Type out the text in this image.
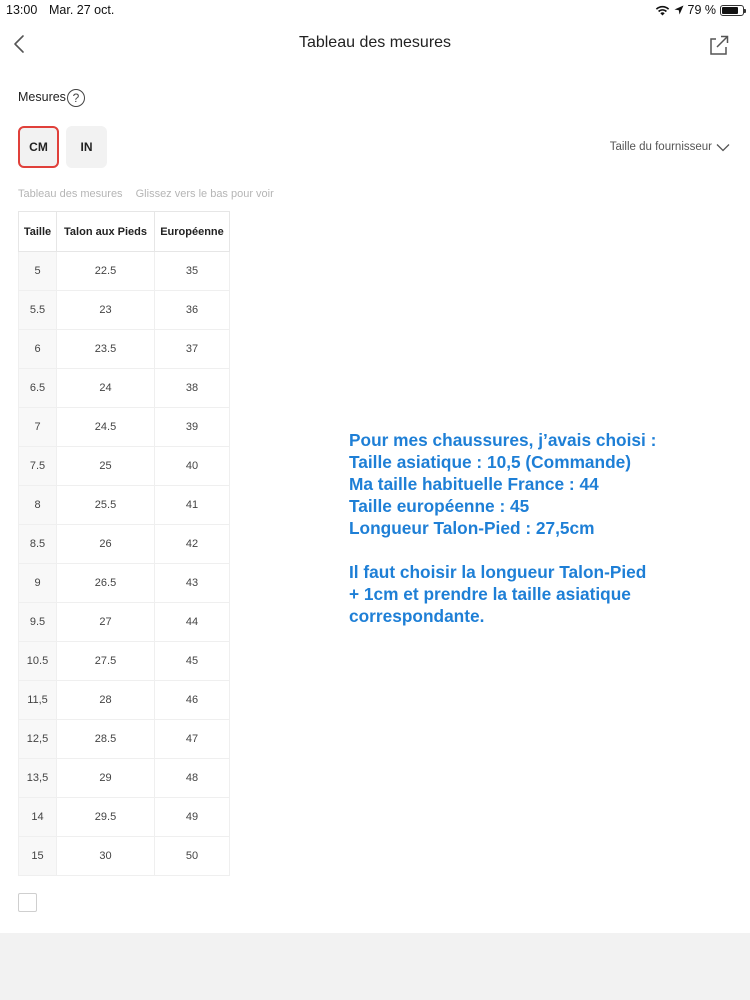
13:00 Mar. 27 oct.	79 %
Tableau des mesures
Mesures ?
CM	IN	Taille du fournisseur
Tableau des mesures Glissez vers le bas pour voir
Taille	Talon aux Pieds	Européenne
5	22.5	35
5.5	23	36
6	23.5	37
6.5	24	38
7	24.5	39
7.5	25	40
8	25.5	41
8.5	26	42
9	26.5	43
9.5	27	44
10.5	27.5	45
11,5	28	46
12,5	28.5	47
13,5	29	48
14	29.5	49
15	30	50

Pour mes chaussures, j’avais choisi :

Taille asiatique : 10,5 (Commande)

Ma taille habituelle France : 44

Taille européenne : 45

Longueur Talon-Pied : 27,5cm

Il faut choisir la longueur Talon-Pied

+ 1cm et prendre la taille asiatique

correspondante.
